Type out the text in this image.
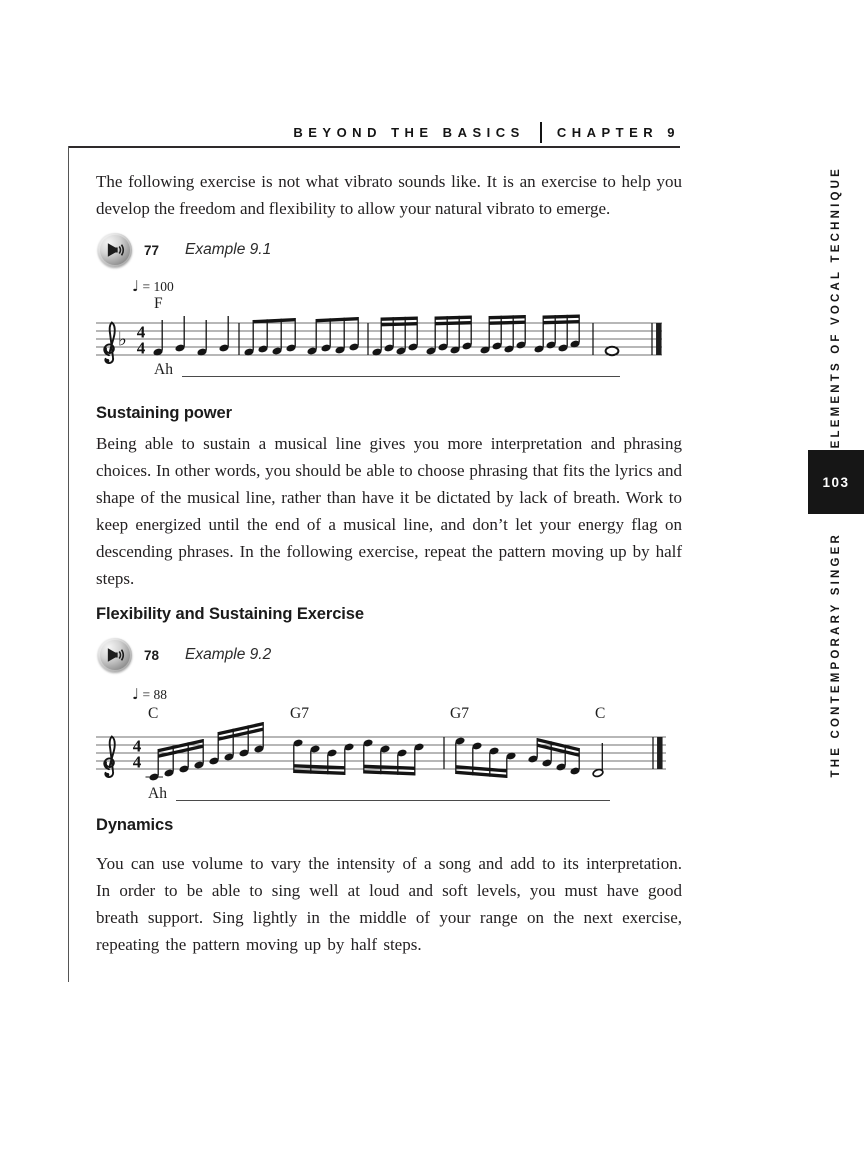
BEYOND THE BASICS CHAPTER 9

The following exercise is not what vibrato sounds like. It is an exercise to help you develop the freedom and flexibility to allow your natural vibrato to emerge.

77 Example 9.1
♩ = 100
F
♭ 4
4
Ah
Sustaining power

Being able to sustain a musical line gives you more interpretation and phrasing choices. In other words, you should be able to choose phrasing that fits the lyrics and shape of the musical line, rather than have it be dictated by lack of breath. Work to keep energized until the end of a musical line, and don’t let your energy flag on descending phrases. In the following exercise, repeat the pattern moving up by half steps.

Flexibility and Sustaining Exercise
78 Example 9.2
♩ = 88
C	G7	G7	C
4
4
Ah
Dynamics

You can use volume to vary the intensity of a song and add to its interpretation. In order to be able to sing well at loud and soft levels, you must have good breath support. Sing lightly in the middle of your range on the next exercise, repeating the pattern moving up by half steps.

ELEMENTS OF VOCAL TECHNIQUE
103
THE CONTEMPORARY SINGER
